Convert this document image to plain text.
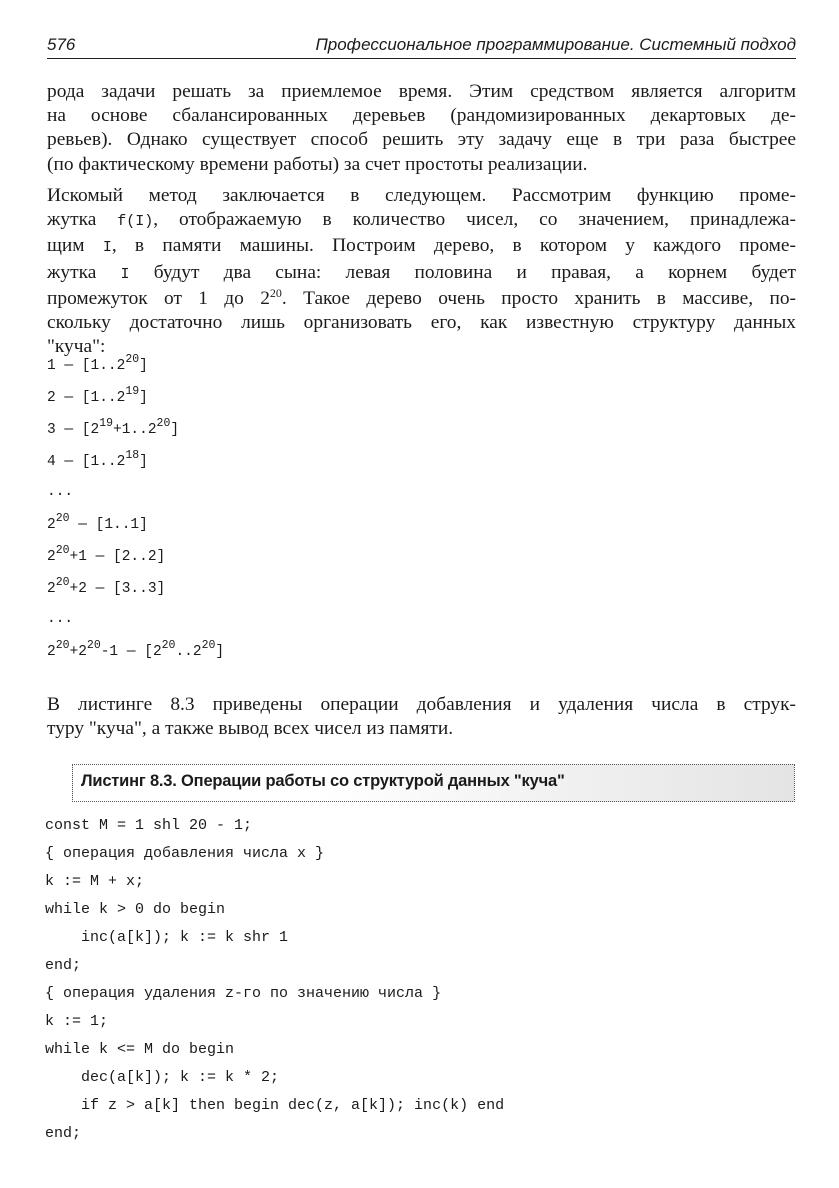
576	Профессиональное программирование. Системный подход
рода задачи решать за приемлемое время. Этим средством является алгоритм
на основе сбалансированных деревьев (рандомизированных декартовых де-
ревьев). Однако существует способ решить эту задачу еще в три раза быстрее
(по фактическому времени работы) за счет простоты реализации.
Искомый метод заключается в следующем. Рассмотрим функцию проме-
жутка f(I), отображаемую в количество чисел, со значением, принадлежа-
щим I, в памяти машины. Построим дерево, в котором у каждого проме-
жутка I будут два сына: левая половина и правая, а корнем будет
промежуток от 1 до $2^{20}$. Такое дерево очень просто хранить в массиве, по-
скольку достаточно лишь организовать его, как известную структуру данных
"куча":
1 — [1..2$^{20}$]
2 — [1..2$^{19}$]
3 — $[2^{19}+1..2^{20}]$
4 — [1..2$^{18}$]
...
$2^{20}$ — [1..1]
$2^{20}+1$ — [2..2]
$2^{20}+2$ — [3..3]
...
$2^{20}+2^{20}-1$ — $[2^{20}..2^{20}]$
В листинге 8.3 приведены операции добавления и удаления числа в струк-
туру "куча", а также вывод всех чисел из памяти.
Листинг 8.3. Операции работы со структурой данных "куча"
const M = 1 shl 20 - 1;
{ операция добавления числа x }
k := M + x;
while k > 0 do begin
inc(a[k]); k := k shr 1
end;
{ операция удаления z-го по значению числа }
k := 1;
while k <= M do begin
dec(a[k]); k := k * 2;
if z > a[k] then begin dec(z, a[k]); inc(k) end
end;
